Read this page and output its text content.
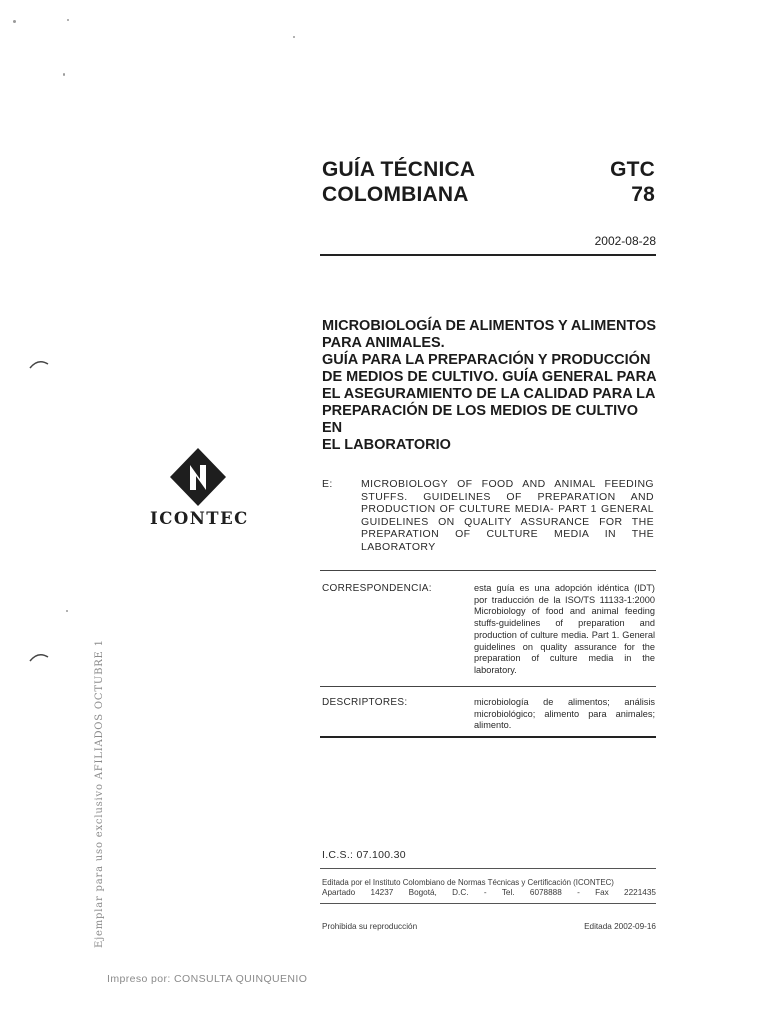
GUÍA TÉCNICA
COLOMBIANA
GTC
78
2002-08-28
MICROBIOLOGÍA DE ALIMENTOS Y ALIMENTOS
PARA ANIMALES.
GUÍA PARA LA PREPARACIÓN Y PRODUCCIÓN
DE MEDIOS DE CULTIVO. GUÍA GENERAL PARA
EL ASEGURAMIENTO DE LA CALIDAD PARA LA
PREPARACIÓN DE LOS MEDIOS DE CULTIVO EN
EL LABORATORIO
ICONTEC
E:	MICROBIOLOGY OF FOOD AND ANIMAL FEEDING STUFFS. GUIDELINES OF PREPARATION AND PRODUCTION OF CULTURE MEDIA- PART 1 GENERAL GUIDELINES ON QUALITY ASSURANCE FOR THE PREPARATION OF CULTURE MEDIA IN THE LABORATORY
CORRESPONDENCIA:	esta guía es una adopción idéntica (IDT) por traducción de la ISO/TS 11133-1:2000 Microbiology of food and animal feeding stuffs-guidelines of preparation and production of culture media. Part 1. General guidelines on quality assurance for the preparation of culture media in the laboratory.
DESCRIPTORES:	microbiología de alimentos; análisis microbiológico; alimento para animales; alimento.
I.C.S.: 07.100.30
Editada por el Instituto Colombiano de Normas Técnicas y Certificación (ICONTEC)
Apartado 14237 Bogotá, D.C. - Tel. 6078888 - Fax 2221435
Prohibida su reproducción	Editada 2002-09-16
Ejemplar para uso exclusivo AFILIADOS OCTUBRE 1
Impreso por: CONSULTA QUINQUENIO
